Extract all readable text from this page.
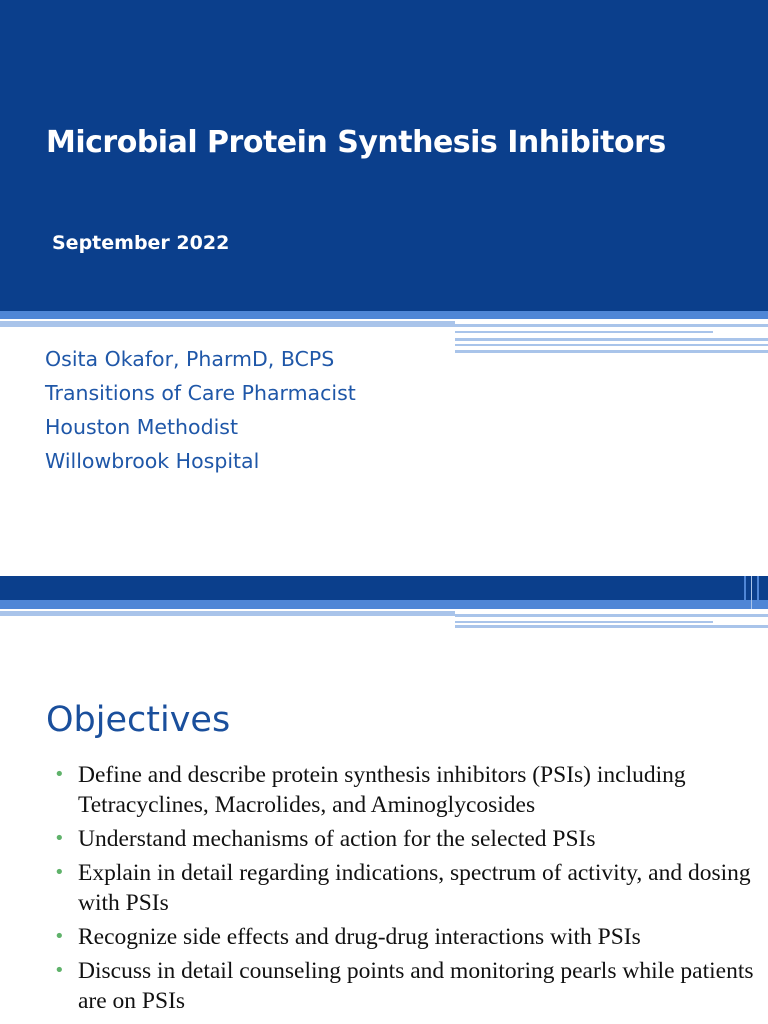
Microbial Protein Synthesis Inhibitors

September 2022

Osita Okafor, PharmD, BCPS
Transitions of Care Pharmacist
Houston Methodist
Willowbrook Hospital
Objectives
• Define and describe protein synthesis inhibitors (PSIs) including Tetracyclines, Macrolides, and Aminoglycosides
• Understand mechanisms of action for the selected PSIs
• Explain in detail regarding indications, spectrum of activity, and dosing with PSIs
• Recognize side effects and drug-drug interactions with PSIs
• Discuss in detail counseling points and monitoring pearls while patients are on PSIs
